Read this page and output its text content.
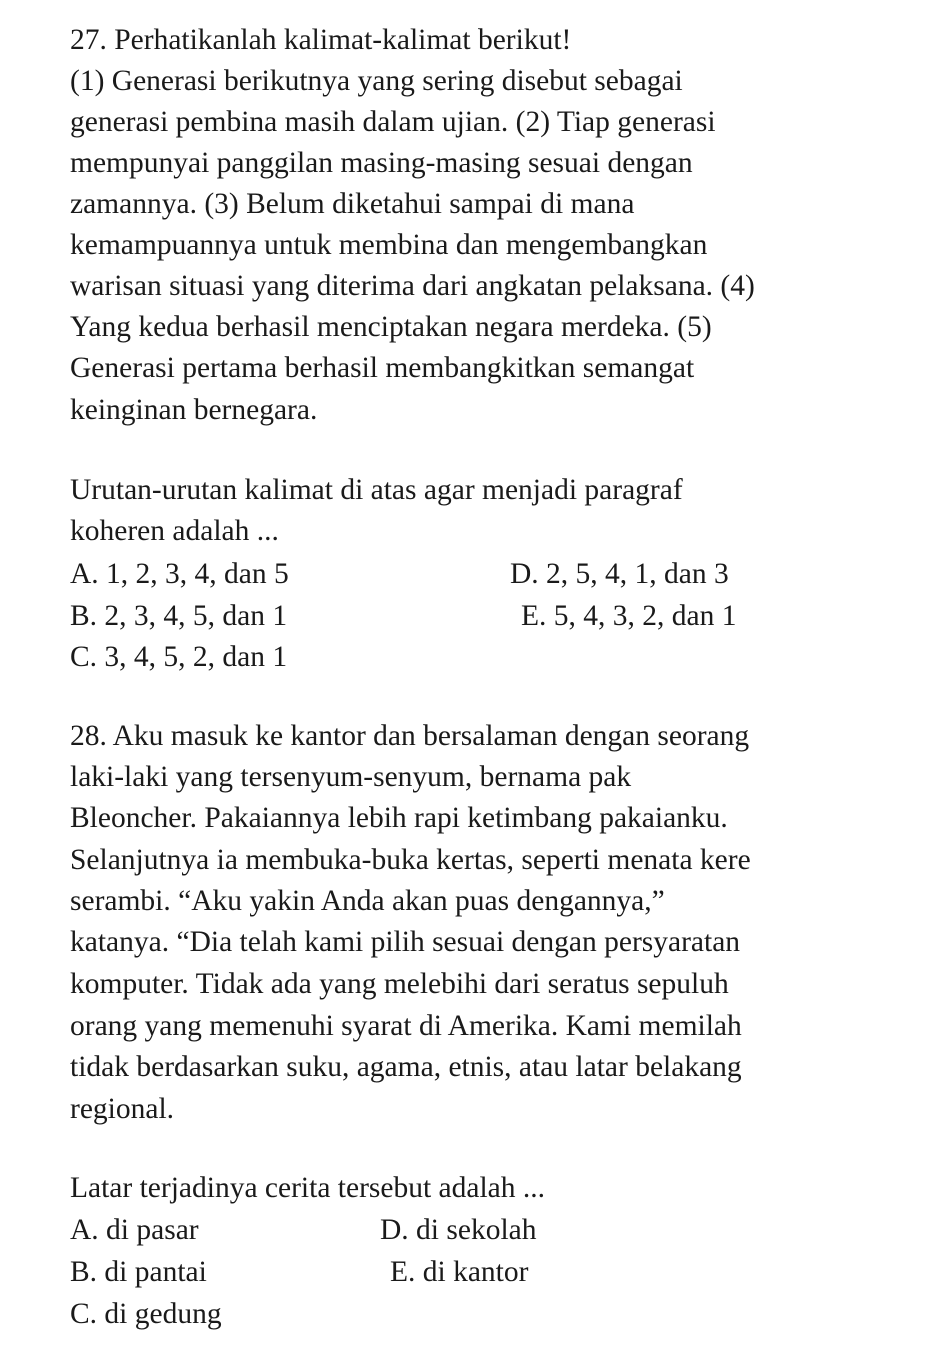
27. Perhatikanlah kalimat-kalimat berikut!

(1) Generasi berikutnya yang sering disebut sebagai

generasi pembina masih dalam ujian. (2) Tiap generasi

mempunyai panggilan masing-masing sesuai dengan

zamannya. (3) Belum diketahui sampai di mana

kemampuannya untuk membina dan mengembangkan

warisan situasi yang diterima dari angkatan pelaksana. (4)

Yang kedua berhasil menciptakan negara merdeka. (5)

Generasi pertama berhasil membangkitkan semangat

keinginan bernegara.

Urutan-urutan kalimat di atas agar menjadi paragraf

koheren adalah ...

A. 1, 2, 3, 4, dan 5	D. 2, 5, 4, 1, dan 3
B. 2, 3, 4, 5, dan 1	E. 5, 4, 3, 2, dan 1
C. 3, 4, 5, 2, dan 1

28. Aku masuk ke kantor dan bersalaman dengan seorang

laki-laki yang tersenyum-senyum, bernama pak

Bleoncher. Pakaiannya lebih rapi ketimbang pakaianku.

Selanjutnya ia membuka-buka kertas, seperti menata kere

serambi. “Aku yakin Anda akan puas dengannya,”

katanya. “Dia telah kami pilih sesuai dengan persyaratan

komputer. Tidak ada yang melebihi dari seratus sepuluh

orang yang memenuhi syarat di Amerika. Kami memilah

tidak berdasarkan suku, agama, etnis, atau latar belakang

regional.

Latar terjadinya cerita tersebut adalah ...

A. di pasar	D. di sekolah
B. di pantai	E. di kantor
C. di gedung
